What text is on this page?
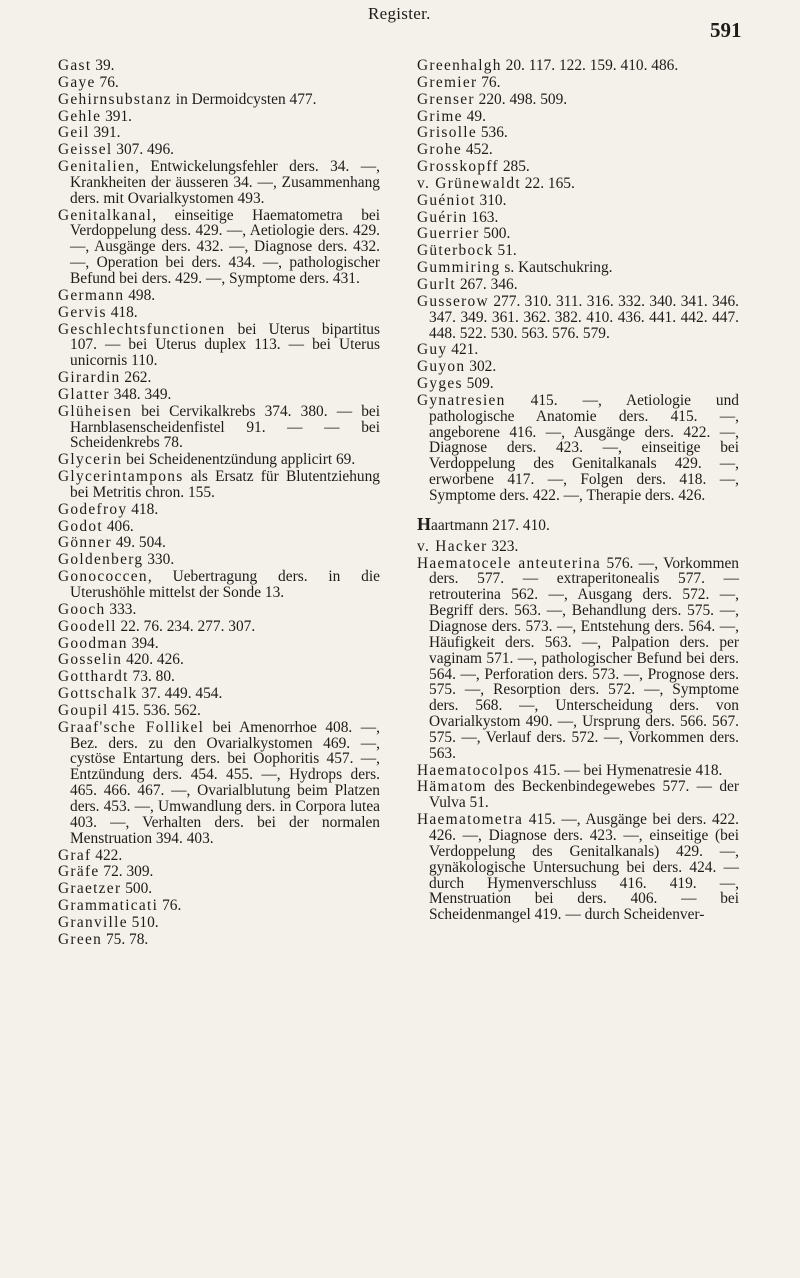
Register.
591
Gast 39.
Gaye 76.
Gehirnsubstanz in Dermoidcysten 477.
Gehle 391.
Geil 391.
Geissel 307. 496.
Genitalien, Entwickelungsfehler ders. 34. —, Krankheiten der äusseren 34. —, Zusammenhang ders. mit Ovarialkystomen 493.
Genitalkanal, einseitige Haematometra bei Verdoppelung dess. 429. —, Aetiologie ders. 429. —, Ausgänge ders. 432. —, Diagnose ders. 432. —, Operation bei ders. 434. —, pathologischer Befund bei ders. 429. —, Symptome ders. 431.
Germann 498.
Gervis 418.
Geschlechtsfunctionen bei Uterus bipartitus 107. — bei Uterus duplex 113. — bei Uterus unicornis 110.
Girardin 262.
Glatter 348. 349.
Glüheisen bei Cervikalkrebs 374. 380. — bei Harnblasenscheidenfistel 91. — — bei Scheidenkrebs 78.
Glycerin bei Scheidenentzündung applicirt 69.
Glycerintampons als Ersatz für Blutentziehung bei Metritis chron. 155.
Godefroy 418.
Godot 406.
Gönner 49. 504.
Goldenberg 330.
Gonococcen, Uebertragung ders. in die Uterushöhle mittelst der Sonde 13.
Gooch 333.
Goodell 22. 76. 234. 277. 307.
Goodman 394.
Gosselin 420. 426.
Gotthardt 73. 80.
Gottschalk 37. 449. 454.
Goupil 415. 536. 562.
Graaf'sche Follikel bei Amenorrhoe 408. —, Bez. ders. zu den Ovarialkystomen 469. —, cystöse Entartung ders. bei Oophoritis 457. —, Entzündung ders. 454. 455. —, Hydrops ders. 465. 466. 467. —, Ovarialblutung beim Platzen ders. 453. —, Umwandlung ders. in Corpora lutea 403. —, Verhalten ders. bei der normalen Menstruation 394. 403.
Graf 422.
Gräfe 72. 309.
Graetzer 500.
Grammaticati 76.
Granville 510.
Green 75. 78.
Greenhalgh 20. 117. 122. 159. 410. 486.
Gremier 76.
Grenser 220. 498. 509.
Grime 49.
Grisolle 536.
Grohe 452.
Grosskopff 285.
v. Grünewaldt 22. 165.
Guéniot 310.
Guérin 163.
Guerrier 500.
Güterbock 51.
Gummiring s. Kautschukring.
Gurlt 267. 346.
Gusserow 277. 310. 311. 316. 332. 340. 341. 346. 347. 349. 361. 362. 382. 410. 436. 441. 442. 447. 448. 522. 530. 563. 576. 579.
Guy 421.
Guyon 302.
Gyges 509.
Gynatresien 415. —, Aetiologie und pathologische Anatomie ders. 415. —, angeborene 416. —, Ausgänge ders. 422. —, Diagnose ders. 423. —, einseitige bei Verdoppelung des Genitalkanals 429. —, erworbene 417. —, Folgen ders. 418. —, Symptome ders. 422. —, Therapie ders. 426.
Haartmann 217. 410.
v. Hacker 323.
Haematocele anteuterina 576. —, Vorkommen ders. 577. — extraperitonealis 577. — retrouterina 562. —, Ausgang ders. 572. —, Begriff ders. 563. —, Behandlung ders. 575. —, Diagnose ders. 573. —, Entstehung ders. 564. —, Häufigkeit ders. 563. —, Palpation ders. per vaginam 571. —, pathologischer Befund bei ders. 564. —, Perforation ders. 573. —, Prognose ders. 575. —, Resorption ders. 572. —, Symptome ders. 568. —, Unterscheidung ders. von Ovarialkystom 490. —, Ursprung ders. 566. 567. 575. —, Verlauf ders. 572. —, Vorkommen ders. 563.
Haematocolpos 415. — bei Hymenatresie 418.
Hämatom des Beckenbindegewebes 577. — der Vulva 51.
Haematometra 415. —, Ausgänge bei ders. 422. 426. —, Diagnose ders. 423. —, einseitige (bei Verdoppelung des Genitalkanals) 429. —, gynäkologische Untersuchung bei ders. 424. — durch Hymenverschluss 416. 419. —, Menstruation bei ders. 406. — bei Scheidenmangel 419. — durch Scheidenver-
